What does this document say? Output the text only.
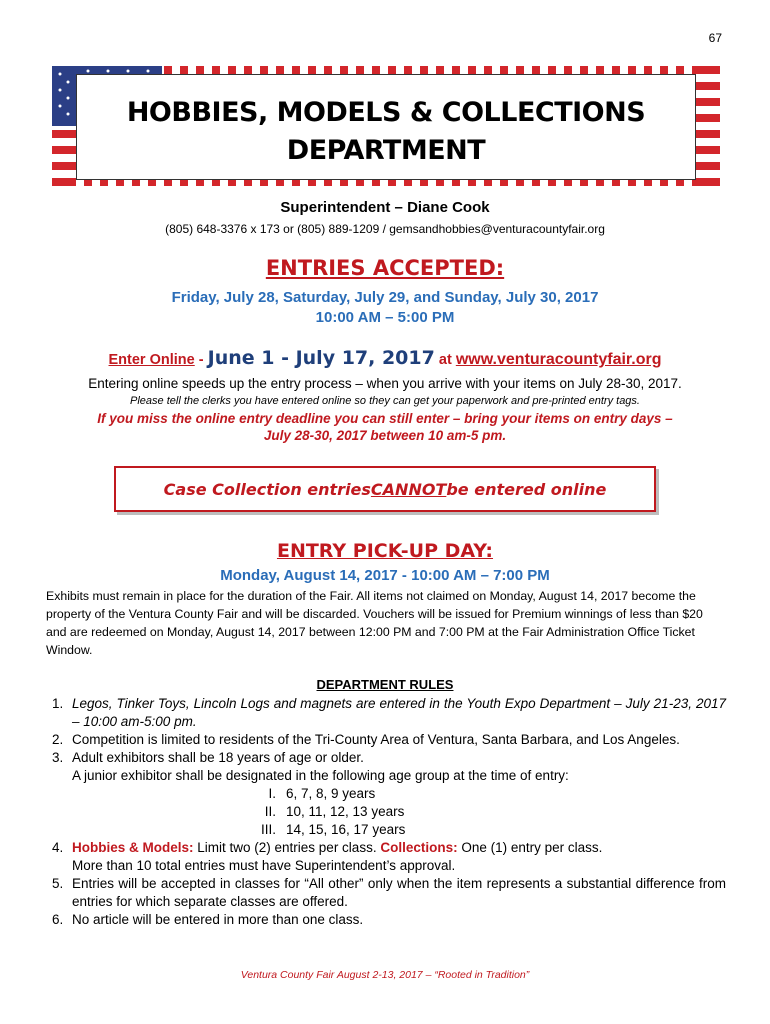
67
HOBBIES, MODELS & COLLECTIONS
DEPARTMENT
Superintendent – Diane Cook
(805) 648-3376 x 173 or (805) 889-1209 / gemsandhobbies@venturacountyfair.org
ENTRIES ACCEPTED:
Friday, July 28, Saturday, July 29, and Sunday, July 30, 2017
10:00 AM – 5:00 PM
Enter Online - June 1 - July 17, 2017 at www.venturacountyfair.org
Entering online speeds up the entry process – when you arrive with your items on July 28-30, 2017.
Please tell the clerks you have entered online so they can get your paperwork and pre-printed entry tags.
If you miss the online entry deadline you can still enter – bring your items on entry days –
July 28-30, 2017 between 10 am-5 pm.
Case Collection entries CANNOT be entered online
ENTRY PICK-UP DAY:
Monday, August 14, 2017 - 10:00 AM – 7:00 PM
Exhibits must remain in place for the duration of the Fair. All items not claimed on Monday, August 14, 2017 become the property of the Ventura County Fair and will be discarded. Vouchers will be issued for Premium winnings of less than $20 and are redeemed on Monday, August 14, 2017 between 12:00 PM and 7:00 PM at the Fair Administration Office Ticket Window.
DEPARTMENT RULES
1. Legos, Tinker Toys, Lincoln Logs and magnets are entered in the Youth Expo Department – July 21-23, 2017 – 10:00 am-5:00 pm.
2. Competition is limited to residents of the Tri-County Area of Ventura, Santa Barbara, and Los Angeles.
3. Adult exhibitors shall be 18 years of age or older.
A junior exhibitor shall be designated in the following age group at the time of entry:
I. 6, 7, 8, 9 years
II. 10, 11, 12, 13 years
III. 14, 15, 16, 17 years
4. Hobbies & Models: Limit two (2) entries per class. Collections: One (1) entry per class.
More than 10 total entries must have Superintendent’s approval.
5. Entries will be accepted in classes for “All other” only when the item represents a substantial difference from entries for which separate classes are offered.
6. No article will be entered in more than one class.
Ventura County Fair August 2-13, 2017 – “Rooted in Tradition”
